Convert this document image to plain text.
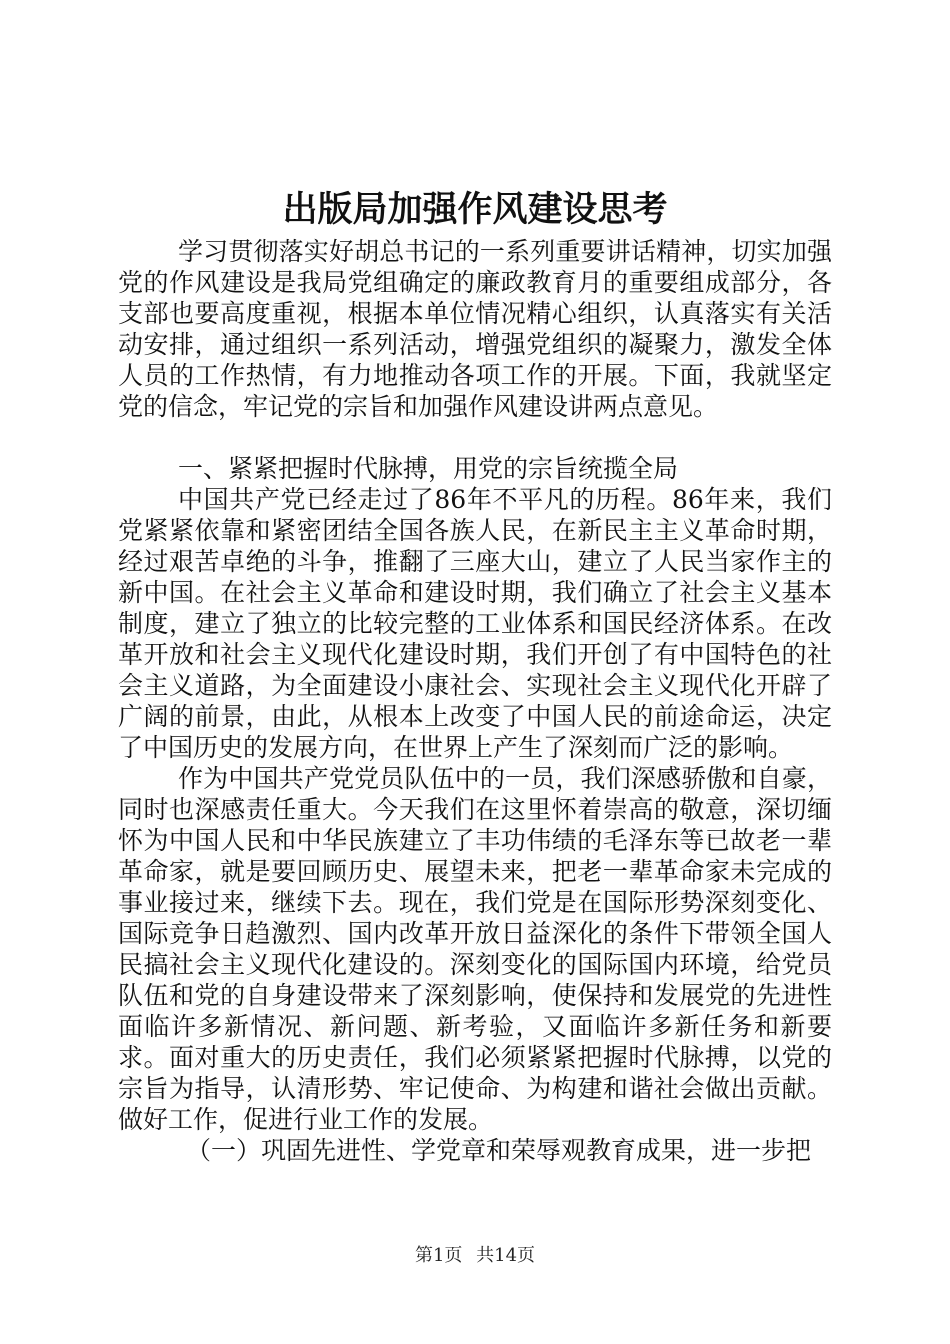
出版局加强作风建设思考

学习贯彻落实好胡总书记的一系列重要讲话精神，切实加强党的作风建设是我局党组确定的廉政教育月的重要组成部分，各支部也要高度重视，根据本单位情况精心组织，认真落实有关活动安排，通过组织一系列活动，增强党组织的凝聚力，激发全体人员的工作热情，有力地推动各项工作的开展。下面，我就坚定党的信念，牢记党的宗旨和加强作风建设讲两点意见。

一、紧紧把握时代脉搏，用党的宗旨统揽全局

中国共产党已经走过了86年不平凡的历程。86年来，我们党紧紧依靠和紧密团结全国各族人民，在新民主主义革命时期，经过艰苦卓绝的斗争，推翻了三座大山，建立了人民当家作主的新中国。在社会主义革命和建设时期，我们确立了社会主义基本制度，建立了独立的比较完整的工业体系和国民经济体系。在改革开放和社会主义现代化建设时期，我们开创了有中国特色的社会主义道路，为全面建设小康社会、实现社会主义现代化开辟了广阔的前景，由此，从根本上改变了中国人民的前途命运，决定了中国历史的发展方向，在世界上产生了深刻而广泛的影响。

作为中国共产党党员队伍中的一员，我们深感骄傲和自豪，同时也深感责任重大。今天我们在这里怀着崇高的敬意，深切缅怀为中国人民和中华民族建立了丰功伟绩的毛泽东等已故老一辈革命家，就是要回顾历史、展望未来，把老一辈革命家未完成的事业接过来，继续下去。现在，我们党是在国际形势深刻变化、国际竞争日趋激烈、国内改革开放日益深化的条件下带领全国人民搞社会主义现代化建设的。深刻变化的国际国内环境，给党员队伍和党的自身建设带来了深刻影响，使保持和发展党的先进性面临许多新情况、新问题、新考验，又面临许多新任务和新要求。面对重大的历史责任，我们必须紧紧把握时代脉搏，以党的宗旨为指导，认清形势、牢记使命、为构建和谐社会做出贡献。做好工作，促进行业工作的发展。

（一）巩固先进性、学党章和荣辱观教育成果，进一步把

第1页 共14页
